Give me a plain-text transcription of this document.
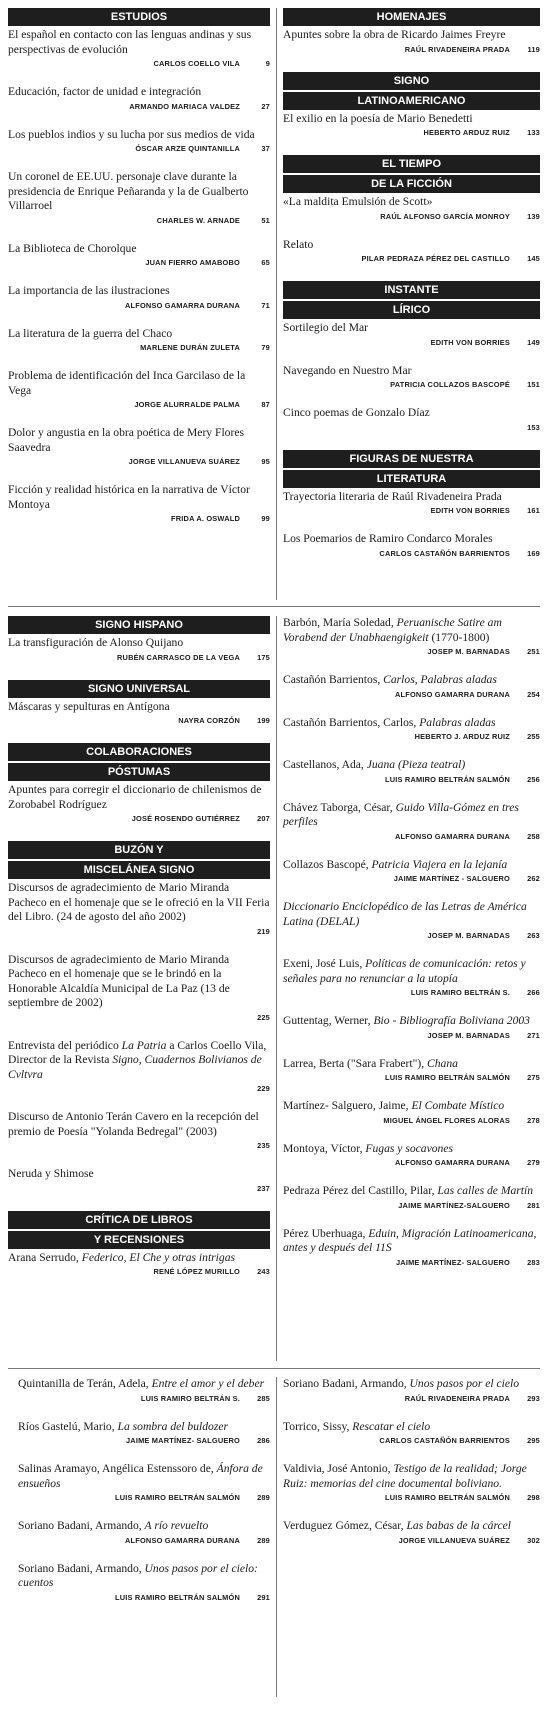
ESTUDIOS
El español en contacto con las lenguas andinas y sus perspectivas de evolución
CARLOS COELLO VILA	9
Educación, factor de unidad e integración
ARMANDO MARIACA VALDEZ	27
Los pueblos indios y su lucha por sus medios de vida
ÓSCAR ARZE QUINTANILLA	37
Un coronel de EE.UU. personaje clave durante la presidencia de Enrique Peñaranda y la de Gualberto Villarroel
CHARLES W. ARNADE	51
La Biblioteca de Chorolque
JUAN FIERRO AMABOBO	65
La importancia de las ilustraciones
ALFONSO GAMARRA DURANA	71
La literatura de la guerra del Chaco
MARLENE DURÁN ZULETA	79
Problema de identificación del Inca Garcilaso de la Vega
JORGE ALURRALDE PALMA	87
Dolor y angustia en la obra poética de Mery Flores Saavedra
JORGE VILLANUEVA SUÁREZ	95
Ficción y realidad histórica en la narrativa de Víctor Montoya
FRIDA A. OSWALD	99
HOMENAJES
Apuntes sobre la obra de Ricardo Jaimes Freyre
RAÚL RIVADENEIRA PRADA	119
SIGNO
LATINOAMERICANO
El exilio en la poesía de Mario Benedetti
HEBERTO ARDUZ RUIZ	133
EL TIEMPO
DE LA FICCIÓN
«La maldita Emulsión de Scott»
RAÚL ALFONSO GARCÍA MONROY	139
Relato
PILAR PEDRAZA PÉREZ DEL CASTILLO	145
INSTANTE
LÍRICO
Sortilegio del Mar
EDITH VON BORRIES	149
Navegando en Nuestro Mar
PATRICIA COLLAZOS BASCOPÉ	151
Cinco poemas de Gonzalo Díaz
153
FIGURAS DE NUESTRA
LITERATURA
Trayectoria literaria de Raúl Rivadeneira Prada
EDITH VON BORRIES	161
Los Poemarios de Ramiro Condarco Morales
CARLOS CASTAÑÓN BARRIENTOS	169
SIGNO HISPANO
La transfiguración de Alonso Quijano
RUBÉN CARRASCO DE LA VEGA	175
SIGNO UNIVERSAL
Máscaras y sepulturas en Antígona
NAYRA CORZÓN	199
COLABORACIONES
PÓSTUMAS
Apuntes para corregir el diccionario de chilenismos de Zorobabel Rodríguez
JOSÉ ROSENDO GUTIÉRREZ	207
BUZÓN Y
MISCELÁNEA SIGNO
Discursos de agradecimiento de Mario Miranda Pacheco en el homenaje que se le ofreció en la VII Feria del Libro. (24 de agosto del año 2002)
219
Discursos de agradecimiento de Mario Miranda Pacheco en el homenaje que se le brindó en la Honorable Alcaldía Municipal de La Paz (13 de septiembre de 2002)
225
Entrevista del periódico La Patria a Carlos Coello Vila, Director de la Revista Signo, Cuadernos Bolivianos de Cvltvra
229
Discurso de Antonio Terán Cavero en la recepción del premio de Poesía "Yolanda Bedregal" (2003)
235
Neruda y Shimose
237
CRÍTICA DE LIBROS
Y RECENSIONES
Arana Serrudo, Federico, El Che y otras intrigas
RENÉ LÓPEZ MURILLO	243
Barbón, María Soledad, Peruanische Satire am Vorabend der Unabhaengigkeit (1770-1800)
JOSEP M. BARNADAS	251
Castañón Barrientos, Carlos, Palabras aladas
ALFONSO GAMARRA DURANA	254
Castañón Barrientos, Carlos, Palabras aladas
HEBERTO J. ARDUZ RUIZ	255
Castellanos, Ada, Juana (Pieza teatral)
LUIS RAMIRO BELTRÁN SALMÓN	256
Chávez Taborga, César, Guido Villa-Gómez en tres perfiles
ALFONSO GAMARRA DURANA	258
Collazos Bascopé, Patricia Viajera en la lejanía
JAIME MARTÍNEZ - SALGUERO	262
Diccionario Enciclopédico de las Letras de América Latina (DELAL)
JOSEP M. BARNADAS	263
Exeni, José Luis, Políticas de comunicación: retos y señales para no renunciar a la utopía
LUIS RAMIRO BELTRÁN S.	266
Guttentag, Werner, Bio - Bibliografía Boliviana 2003
JOSEP M. BARNADAS	271
Larrea, Berta ("Sara Frabert"), Chana
LUIS RAMIRO BELTRÁN SALMÓN	275
Martínez- Salguero, Jaime, El Combate Místico
MIGUEL ÁNGEL FLORES ALORAS	278
Montoya, Víctor, Fugas y socavones
ALFONSO GAMARRA DURANA	279
Pedraza Pérez del Castillo, Pilar, Las calles de Martín
JAIME MARTÍNEZ-SALGUERO	281
Pérez Uberhuaga, Eduin, Migración Latinoamericana, antes y después del 11S
JAIME MARTÍNEZ- SALGUERO	283
Quintanilla de Terán, Adela, Entre el amor y el deber
LUIS RAMIRO BELTRÁN S.	285
Ríos Gastelú, Mario, La sombra del buldozer
JAIME MARTÍNEZ- SALGUERO	286
Salinas Aramayo, Angélica Estenssoro de, Ánfora de ensueños
LUIS RAMIRO BELTRÁN SALMÓN	289
Soriano Badani, Armando, A río revuelto
ALFONSO GAMARRA DURANA	289
Soriano Badani, Armando, Unos pasos por el cielo: cuentos
LUIS RAMIRO BELTRÁN SALMÓN	291
Soriano Badani, Armando, Unos pasos por el cielo
RAÚL RIVADENEIRA PRADA	293
Torrico, Sissy, Rescatar el cielo
CARLOS CASTAÑÓN BARRIENTOS	295
Valdivia, José Antonio, Testigo de la realidad; Jorge Ruiz: memorias del cine documental boliviano.
LUIS RAMIRO BELTRÁN SALMÓN	298
Verduguez Gómez, César, Las babas de la cárcel
JORGE VILLANUEVA SUÁREZ	302
